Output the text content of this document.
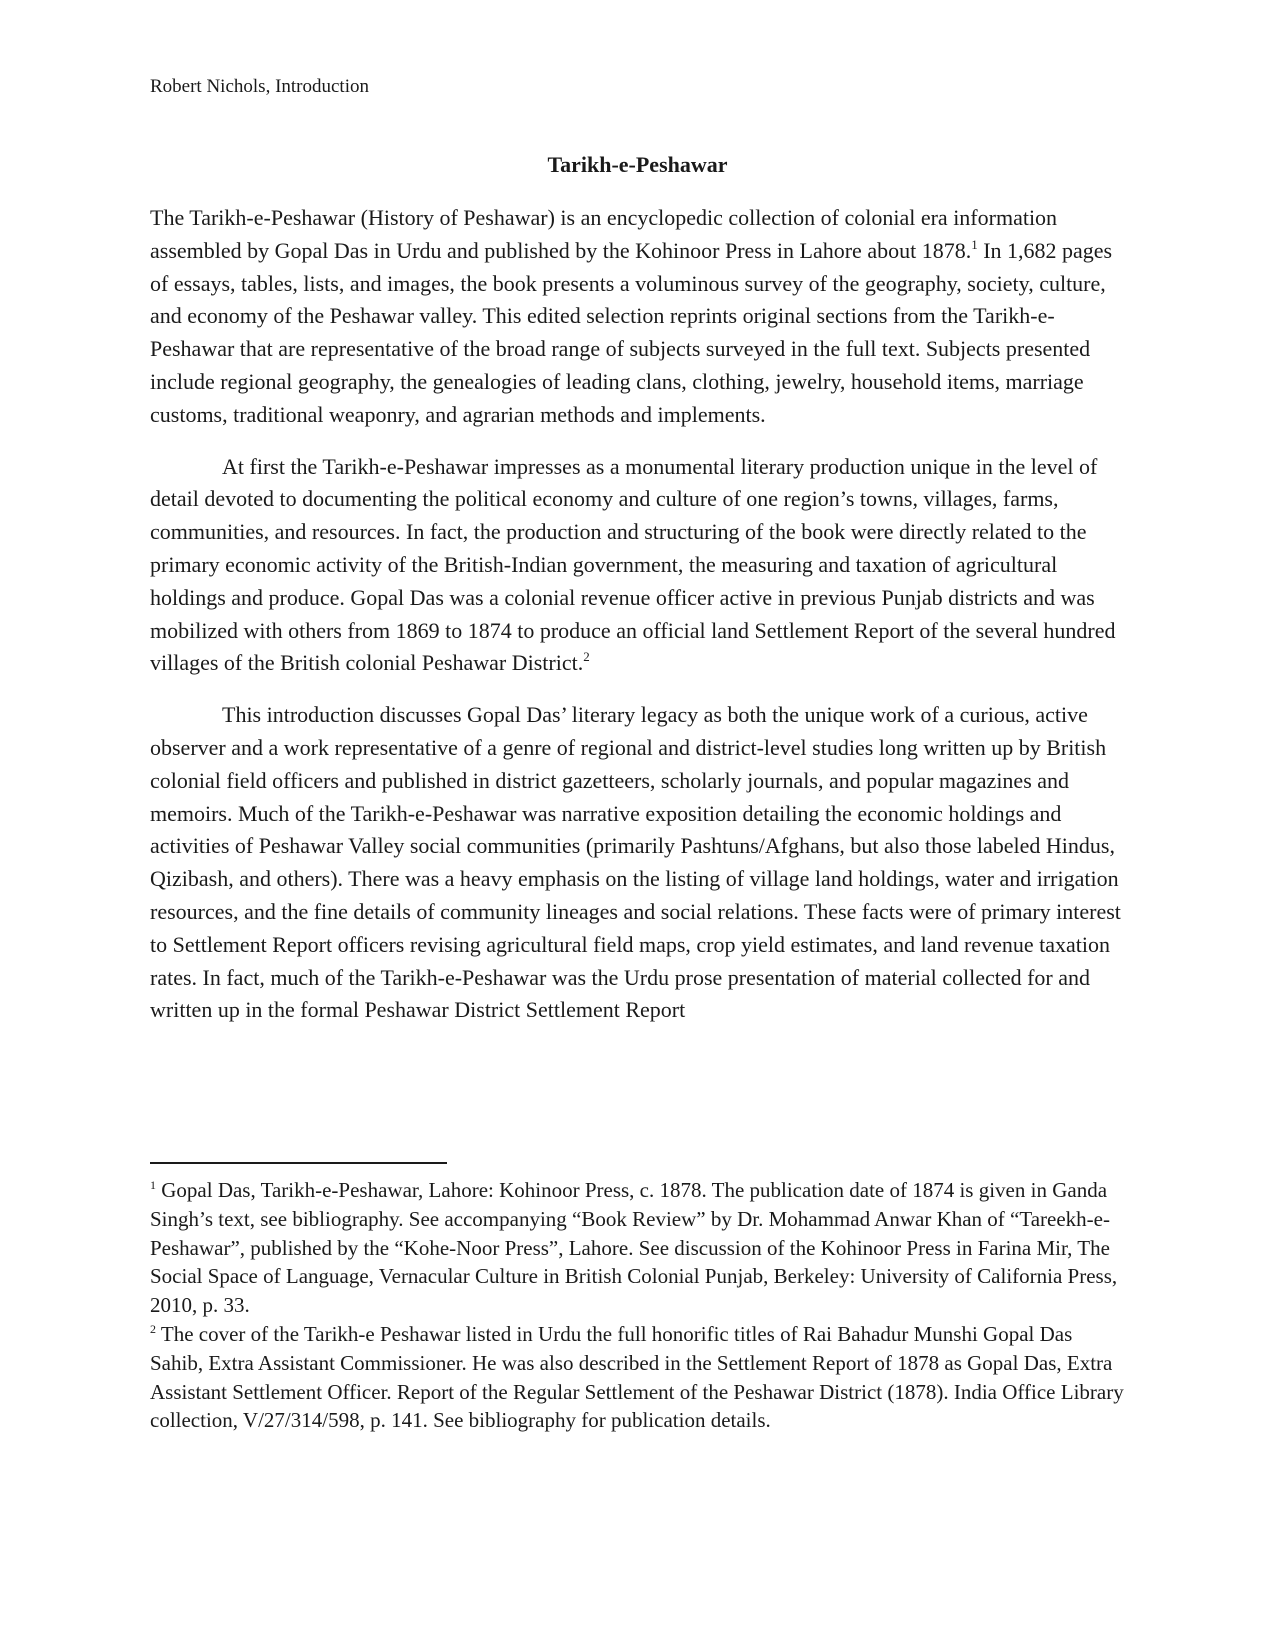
Robert Nichols, Introduction
Tarikh-e-Peshawar

The Tarikh-e-Peshawar (History of Peshawar) is an encyclopedic collection of colonial era information assembled by Gopal Das in Urdu and published by the Kohinoor Press in Lahore about 1878.$^1$ In 1,682 pages of essays, tables, lists, and images, the book presents a voluminous survey of the geography, society, culture, and economy of the Peshawar valley. This edited selection reprints original sections from the Tarikh-e-Peshawar that are representative of the broad range of subjects surveyed in the full text. Subjects presented include regional geography, the genealogies of leading clans, clothing, jewelry, household items, marriage customs, traditional weaponry, and agrarian methods and implements.

At first the Tarikh-e-Peshawar impresses as a monumental literary production unique in the level of detail devoted to documenting the political economy and culture of one region’s towns, villages, farms, communities, and resources. In fact, the production and structuring of the book were directly related to the primary economic activity of the British-Indian government, the measuring and taxation of agricultural holdings and produce. Gopal Das was a colonial revenue officer active in previous Punjab districts and was mobilized with others from 1869 to 1874 to produce an official land Settlement Report of the several hundred villages of the British colonial Peshawar District.$^2$

This introduction discusses Gopal Das’ literary legacy as both the unique work of a curious, active observer and a work representative of a genre of regional and district-level studies long written up by British colonial field officers and published in district gazetteers, scholarly journals, and popular magazines and memoirs. Much of the Tarikh-e-Peshawar was narrative exposition detailing the economic holdings and activities of Peshawar Valley social communities (primarily Pashtuns/Afghans, but also those labeled Hindus, Qizibash, and others). There was a heavy emphasis on the listing of village land holdings, water and irrigation resources, and the fine details of community lineages and social relations. These facts were of primary interest to Settlement Report officers revising agricultural field maps, crop yield estimates, and land revenue taxation rates. In fact, much of the Tarikh-e-Peshawar was the Urdu prose presentation of material collected for and written up in the formal Peshawar District Settlement Report

$^1$ Gopal Das, Tarikh-e-Peshawar, Lahore: Kohinoor Press, c. 1878. The publication date of 1874 is given in Ganda Singh’s text, see bibliography. See accompanying “Book Review” by Dr. Mohammad Anwar Khan of “Tareekh-e-Peshawar”, published by the “Kohe-Noor Press”, Lahore. See discussion of the Kohinoor Press in Farina Mir, The Social Space of Language, Vernacular Culture in British Colonial Punjab, Berkeley: University of California Press, 2010, p. 33.

$^2$ The cover of the Tarikh-e Peshawar listed in Urdu the full honorific titles of Rai Bahadur Munshi Gopal Das Sahib, Extra Assistant Commissioner. He was also described in the Settlement Report of 1878 as Gopal Das, Extra Assistant Settlement Officer. Report of the Regular Settlement of the Peshawar District (1878). India Office Library collection, V/27/314/598, p. 141. See bibliography for publication details.
